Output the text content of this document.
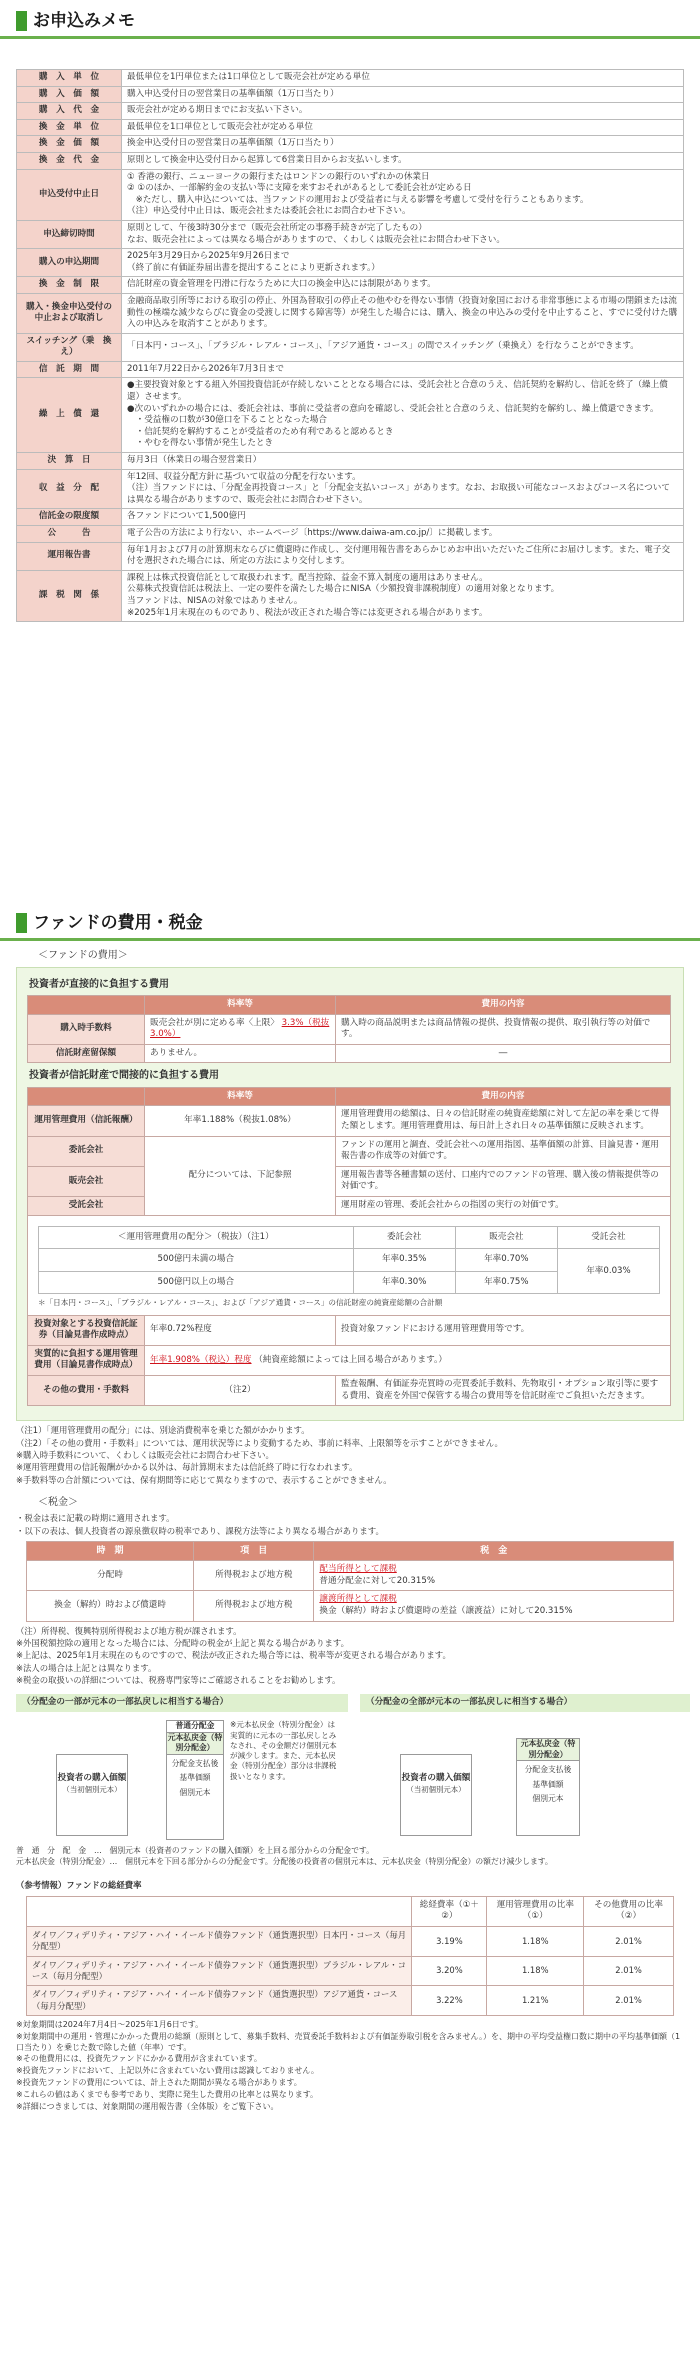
お申込みメモ
購　入　単　位	最低単位を1円単位または1口単位として販売会社が定める単位

購　入　価　額	購入申込受付日の翌営業日の基準価額（1万口当たり）

購　入　代　金	販売会社が定める期日までにお支払い下さい。

換　金　単　位	最低単位を1口単位として販売会社が定める単位

換　金　価　額	換金申込受付日の翌営業日の基準価額（1万口当たり）

換　金　代　金	原則として換金申込受付日から起算して6営業日目からお支払いします。

申込受付中止日	① 香港の銀行、ニューヨークの銀行またはロンドンの銀行のいずれかの休業日
② ①のほか、一部解約金の支払い等に支障を来すおそれがあるとして委託会社が定める日
　※ただし、購入申込については、当ファンドの運用および受益者に与える影響を考慮して受付を行うこともあります。
（注）申込受付中止日は、販売会社または委託会社にお問合わせ下さい。

申込締切時間	原則として、午後3時30分まで（販売会社所定の事務手続きが完了したもの）
なお、販売会社によっては異なる場合がありますので、くわしくは販売会社にお問合わせ下さい。

購入の申込期間	2025年3月29日から2025年9月26日まで
（終了前に有価証券届出書を提出することにより更新されます。）

換　金　制　限	信託財産の資金管理を円滑に行なうために大口の換金申込には制限があります。

購入・換金申込受付の中止および取消し	金融商品取引所等における取引の停止、外国為替取引の停止その他やむを得ない事情（投資対象国における非常事態による市場の閉鎖または流動性の極端な減少ならびに資金の受渡しに関する障害等）が発生した場合には、購入、換金の申込みの受付を中止すること、すでに受付けた購入の申込みを取消すことがあります。

スイッチング（乗　換　え）	「日本円・コース」、「ブラジル・レアル・コース」、「アジア通貨・コース」の間でスイッチング（乗換え）を行なうことができます。

信　託　期　間	2011年7月22日から2026年7月3日まで

繰　上　償　還	●主要投資対象とする組入外国投資信託が存続しないこととなる場合には、受託会社と合意のうえ、信託契約を解約し、信託を終了（繰上償還）させます。
●次のいずれかの場合には、委託会社は、事前に受益者の意向を確認し、受託会社と合意のうえ、信託契約を解約し、繰上償還できます。
　・受益権の口数が30億口を下ることとなった場合
　・信託契約を解約することが受益者のため有利であると認めるとき
　・やむを得ない事情が発生したとき

決　算　日	毎月3日（休業日の場合翌営業日）

収　益　分　配	年12回、収益分配方針に基づいて収益の分配を行ないます。
（注）当ファンドには、「分配金再投資コース」と「分配金支払いコース」があります。なお、お取扱い可能なコースおよびコース名については異なる場合がありますので、販売会社にお問合わせ下さい。

信託金の限度額	各ファンドについて1,500億円

公　　　告	電子公告の方法により行ない、ホームページ〔https://www.daiwa-am.co.jp/〕に掲載します。

運用報告書	毎年1月および7月の計算期末ならびに償還時に作成し、交付運用報告書をあらかじめお申出いただいたご住所にお届けします。また、電子交付を選択された場合には、所定の方法により交付します。

課　税　関　係	課税上は株式投資信託として取扱われます。配当控除、益金不算入制度の適用はありません。
公募株式投資信託は税法上、一定の要件を満たした場合にNISA（少額投資非課税制度）の適用対象となります。
当ファンドは、NISAの対象ではありません。
※2025年1月末現在のものであり、税法が改正された場合等には変更される場合があります。
ファンドの費用・税金
＜ファンドの費用＞
投資者が直接的に負担する費用
	料率等	費用の内容
購入時手数料	販売会社が別に定める率〈上限〉 3.3%（税抜3.0%）	購入時の商品説明または商品情報の提供、投資情報の提供、取引執行等の対価です。
信託財産留保額	ありません。	―
投資者が信託財産で間接的に負担する費用
	料率等	費用の内容
運用管理費用（信託報酬）	年率1.188%（税抜1.08%）	運用管理費用の総額は、日々の信託財産の純資産総額に対して左記の率を乗じて得た額とします。運用管理費用は、毎日計上され日々の基準価額に反映されます。
委託会社	配分については、下記参照	ファンドの運用と調査、受託会社への運用指図、基準価額の計算、目論見書・運用報告書の作成等の対価です。
販売会社	運用報告書等各種書類の送付、口座内でのファンドの管理、購入後の情報提供等の対価です。
受託会社	運用財産の管理、委託会社からの指図の実行の対価です。

＜運用管理費用の配分＞（税抜）（注1）	委託会社	販売会社	受託会社
500億円未満の場合	年率0.35%	年率0.70%	年率0.03%
500億円以上の場合	年率0.30%	年率0.75%
＊「日本円・コース」、「ブラジル・レアル・コース」、および「アジア通貨・コース」の信託財産の純資産総額の合計額

投資対象とする投資信託証券（目論見書作成時点）	年率0.72%程度	投資対象ファンドにおける運用管理費用等です。
実質的に負担する運用管理費用（目論見書作成時点）	年率1.908%（税込）程度 （純資産総額によっては上回る場合があります。）
その他の費用・手数料	（注2）	監査報酬、有価証券売買時の売買委託手数料、先物取引・オプション取引等に要する費用、資産を外国で保管する場合の費用等を信託財産でご負担いただきます。
（注1）「運用管理費用の配分」には、別途消費税率を乗じた額がかかります。
（注2）「その他の費用・手数料」については、運用状況等により変動するため、事前に料率、上限額等を示すことができません。
※購入時手数料について、くわしくは販売会社にお問合わせ下さい。
※運用管理費用の信託報酬がかかる以外は、毎計算期末または信託終了時に行なわれます。
※手数料等の合計額については、保有期間等に応じて異なりますので、表示することができません。
＜税金＞
・税金は表に記載の時期に適用されます。
・以下の表は、個人投資者の源泉徴収時の税率であり、課税方法等により異なる場合があります。
時　期	項　目	税　金
分配時	所得税および地方税	配当所得として課税
普通分配金に対して20.315%
換金（解約）時および償還時	所得税および地方税	譲渡所得として課税
換金（解約）時および償還時の差益（譲渡益）に対して20.315%
（注）所得税、復興特別所得税および地方税が課されます。
※外国税額控除の適用となった場合には、分配時の税金が上記と異なる場合があります。
※上記は、2025年1月末現在のものですので、税法が改正された場合等には、税率等が変更される場合があります。
※法人の場合は上記とは異なります。
※税金の取扱いの詳細については、税務専門家等にご確認されることをお勧めします。
（分配金の一部が元本の一部払戻しに相当する場合）	（分配金の全部が元本の一部払戻しに相当する場合）
投資者の購入価額
（当初個別元本）
普通分配金
元本払戻金（特別分配金）
分配金支払後
基準価額
個別元本
※元本払戻金（特別分配金）は実質的に元本の一部払戻しとみなされ、その金額だけ個別元本が減少します。また、元本払戻金（特別分配金）部分は非課税扱いとなります。	投資者の購入価額
（当初個別元本）
元本払戻金（特別分配金）
分配金支払後
基準価額
個別元本
普　通　分　配　金　…　個別元本（投資者のファンドの購入価額）を上回る部分からの分配金です。
元本払戻金（特別分配金）…　個別元本を下回る部分からの分配金です。分配後の投資者の個別元本は、元本払戻金（特別分配金）の額だけ減少します。
（参考情報）ファンドの総経費率
	総経費率（①＋②）	運用管理費用の比率（①）	その他費用の比率（②）
ダイワ／フィデリティ・アジア・ハイ・イールド債券ファンド（通貨選択型）日本円・コース（毎月分配型）	3.19%	1.18%	2.01%
ダイワ／フィデリティ・アジア・ハイ・イールド債券ファンド（通貨選択型）ブラジル・レアル・コース（毎月分配型）	3.20%	1.18%	2.01%
ダイワ／フィデリティ・アジア・ハイ・イールド債券ファンド（通貨選択型）アジア通貨・コース（毎月分配型）	3.22%	1.21%	2.01%
※対象期間は2024年7月4日〜2025年1月6日です。
※対象期間中の運用・管理にかかった費用の総額（原則として、募集手数料、売買委託手数料および有価証券取引税を含みません。）を、期中の平均受益権口数に期中の平均基準価額（1口当たり）を乗じた数で除した値（年率）です。
※その他費用には、投資先ファンドにかかる費用が含まれています。
※投資先ファンドにおいて、上記以外に含まれていない費用は認識しておりません。
※投資先ファンドの費用については、計上された期間が異なる場合があります。
※これらの値はあくまでも参考であり、実際に発生した費用の比率とは異なります。
※詳細につきましては、対象期間の運用報告書（全体版）をご覧下さい。
